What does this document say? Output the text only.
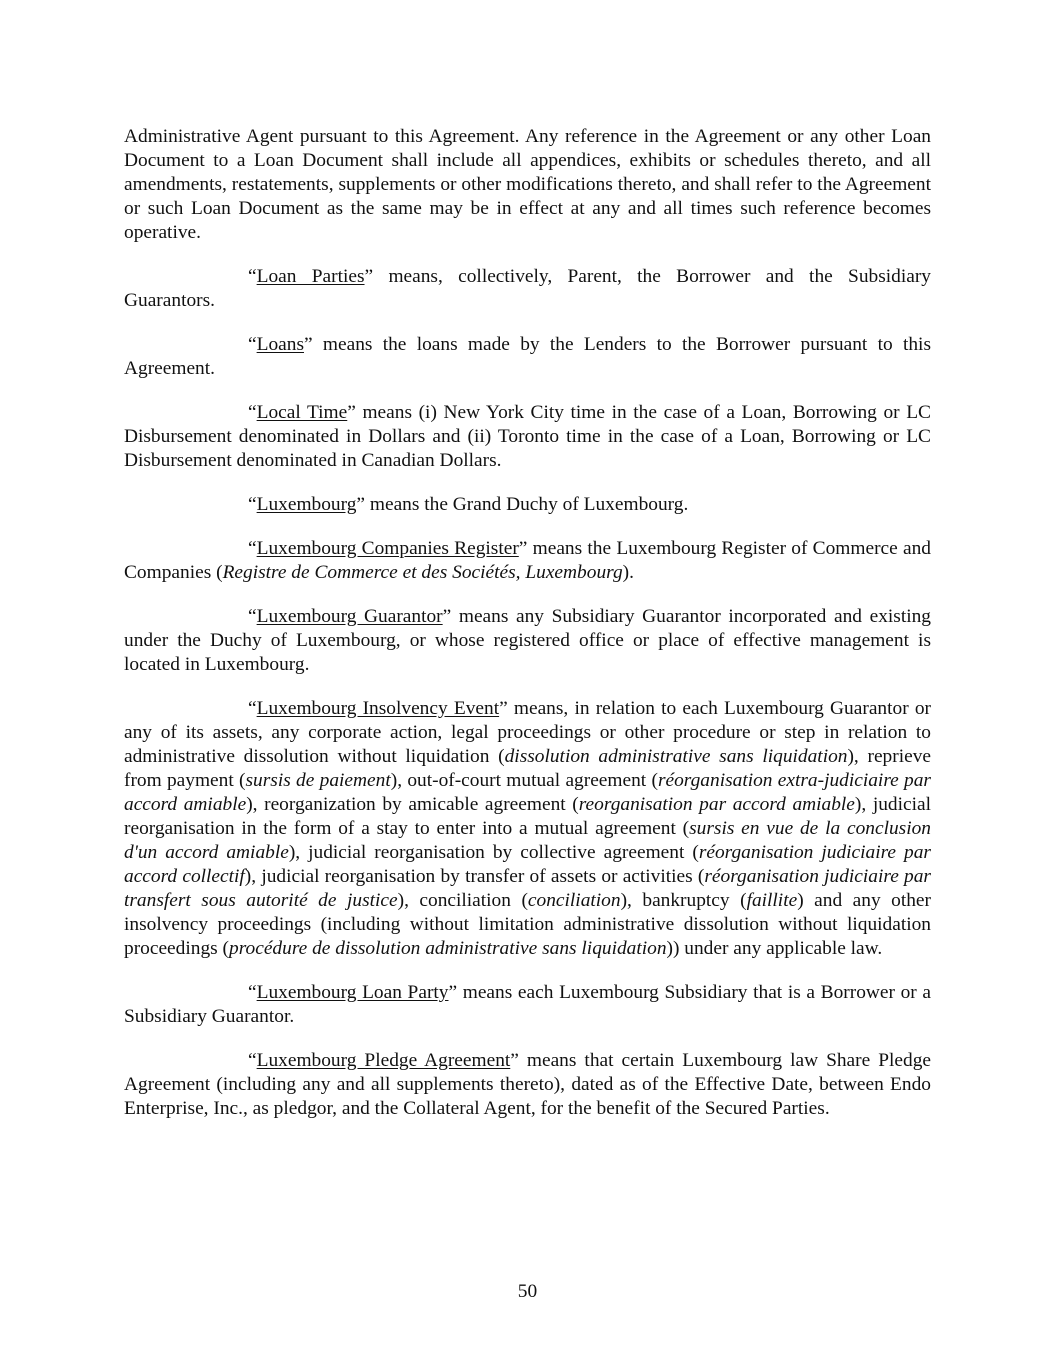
Administrative Agent pursuant to this Agreement. Any reference in the Agreement or any other Loan Document to a Loan Document shall include all appendices, exhibits or schedules thereto, and all amendments, restatements, supplements or other modifications thereto, and shall refer to the Agreement or such Loan Document as the same may be in effect at any and all times such reference becomes operative.

“Loan Parties” means, collectively, Parent, the Borrower and the Subsidiary Guarantors.

“Loans” means the loans made by the Lenders to the Borrower pursuant to this Agreement.

“Local Time” means (i) New York City time in the case of a Loan, Borrowing or LC Disbursement denominated in Dollars and (ii) Toronto time in the case of a Loan, Borrowing or LC Disbursement denominated in Canadian Dollars.

“Luxembourg” means the Grand Duchy of Luxembourg.

“Luxembourg Companies Register” means the Luxembourg Register of Commerce and Companies (Registre de Commerce et des Sociétés, Luxembourg).

“Luxembourg Guarantor” means any Subsidiary Guarantor incorporated and existing under the Duchy of Luxembourg, or whose registered office or place of effective management is located in Luxembourg.

“Luxembourg Insolvency Event” means, in relation to each Luxembourg Guarantor or any of its assets, any corporate action, legal proceedings or other procedure or step in relation to administrative dissolution without liquidation (dissolution administrative sans liquidation), reprieve from payment (sursis de paiement), out-of-court mutual agreement (réorganisation extra-judiciaire par accord amiable), reorganization by amicable agreement (reorganisation par accord amiable), judicial reorganisation in the form of a stay to enter into a mutual agreement (sursis en vue de la conclusion d'un accord amiable), judicial reorganisation by collective agreement (réorganisation judiciaire par accord collectif), judicial reorganisation by transfer of assets or activities (réorganisation judiciaire par transfert sous autorité de justice), conciliation (conciliation), bankruptcy (faillite) and any other insolvency proceedings (including without limitation administrative dissolution without liquidation proceedings (procédure de dissolution administrative sans liquidation)) under any applicable law.

“Luxembourg Loan Party” means each Luxembourg Subsidiary that is a Borrower or a Subsidiary Guarantor.

“Luxembourg Pledge Agreement” means that certain Luxembourg law Share Pledge Agreement (including any and all supplements thereto), dated as of the Effective Date, between Endo Enterprise, Inc., as pledgor, and the Collateral Agent, for the benefit of the Secured Parties.

50
